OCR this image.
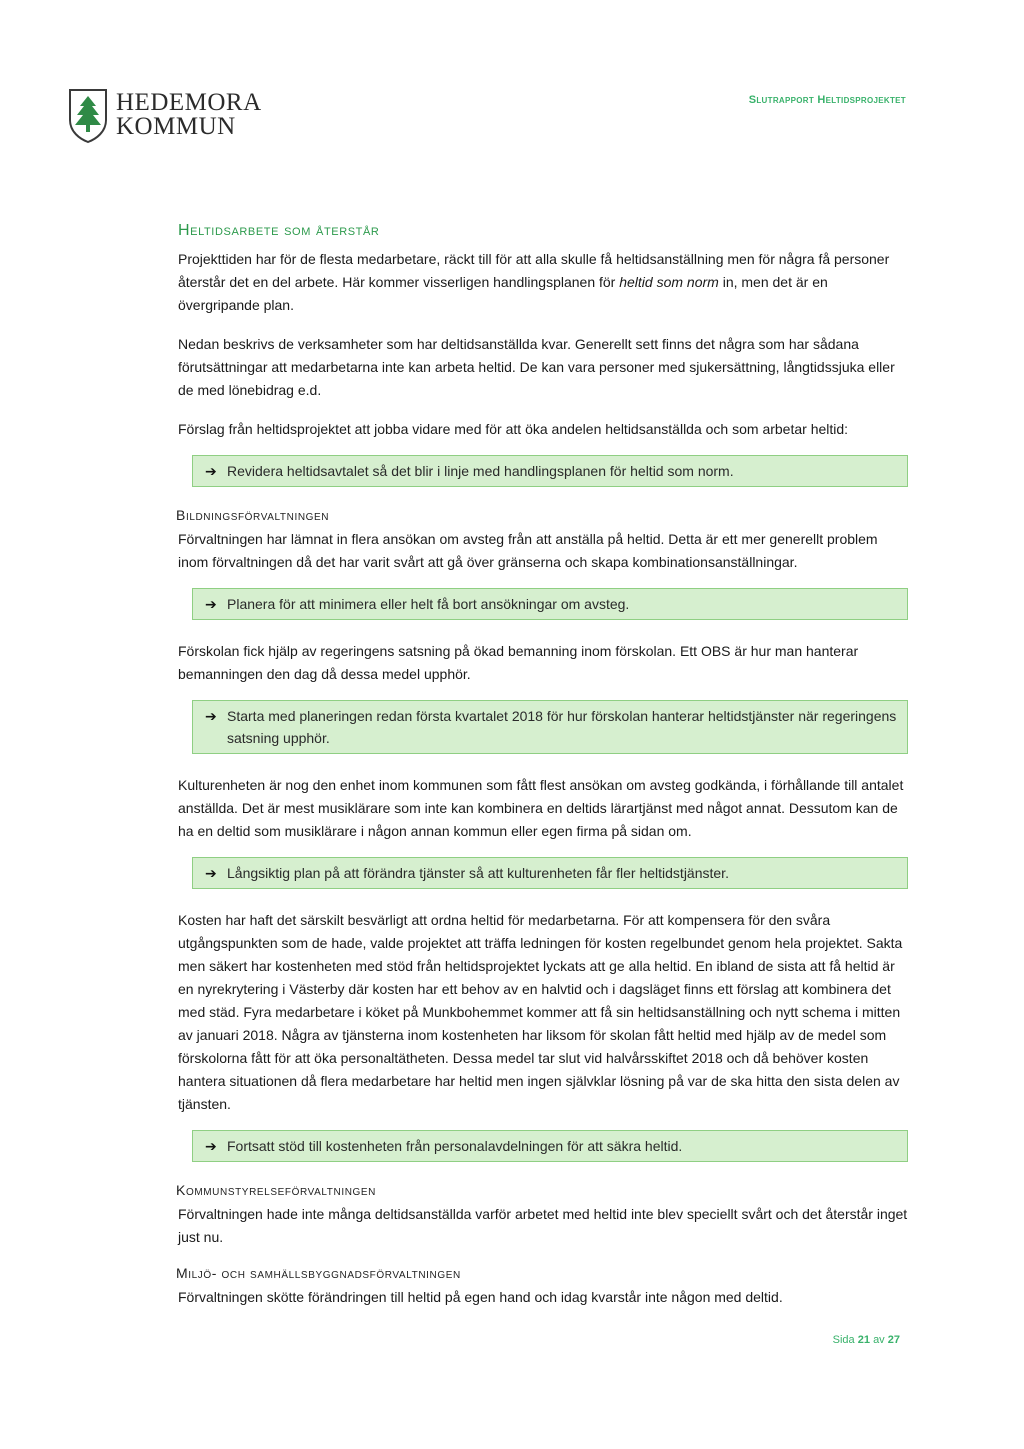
HEDEMORA
KOMMUN
Slutrapport Heltidsprojektet
Heltidsarbete som återstår

Projekttiden har för de flesta medarbetare, räckt till för att alla skulle få heltidsanställning men för några få personer återstår det en del arbete. Här kommer visserligen handlingsplanen för heltid som norm in, men det är en övergripande plan.

Nedan beskrivs de verksamheter som har deltidsanställda kvar. Generellt sett finns det några som har sådana förutsättningar att medarbetarna inte kan arbeta heltid. De kan vara personer med sjukersättning, långtidssjuka eller de med lönebidrag e.d.

Förslag från heltidsprojektet att jobba vidare med för att öka andelen heltidsanställda och som arbetar heltid:

➔ Revidera heltidsavtalet så det blir i linje med handlingsplanen för heltid som norm.
Bildningsförvaltningen

Förvaltningen har lämnat in flera ansökan om avsteg från att anställa på heltid. Detta är ett mer generellt problem inom förvaltningen då det har varit svårt att gå över gränserna och skapa kombinationsanställningar.

➔ Planera för att minimera eller helt få bort ansökningar om avsteg.

Förskolan fick hjälp av regeringens satsning på ökad bemanning inom förskolan. Ett OBS är hur man hanterar bemanningen den dag då dessa medel upphör.

➔ Starta med planeringen redan första kvartalet 2018 för hur förskolan hanterar heltidstjänster när regeringens satsning upphör.

Kulturenheten är nog den enhet inom kommunen som fått flest ansökan om avsteg godkända, i förhållande till antalet anställda. Det är mest musiklärare som inte kan kombinera en deltids lärartjänst med något annat. Dessutom kan de ha en deltid som musiklärare i någon annan kommun eller egen firma på sidan om.

➔ Långsiktig plan på att förändra tjänster så att kulturenheten får fler heltidstjänster.

Kosten har haft det särskilt besvärligt att ordna heltid för medarbetarna. För att kompensera för den svåra utgångspunkten som de hade, valde projektet att träffa ledningen för kosten regelbundet genom hela projektet. Sakta men säkert har kostenheten med stöd från heltidsprojektet lyckats att ge alla heltid. En ibland de sista att få heltid är en nyrekrytering i Västerby där kosten har ett behov av en halvtid och i dagsläget finns ett förslag att kombinera det med städ. Fyra medarbetare i köket på Munkbohemmet kommer att få sin heltidsanställning och nytt schema i mitten av januari 2018. Några av tjänsterna inom kostenheten har liksom för skolan fått heltid med hjälp av de medel som förskolorna fått för att öka personaltätheten. Dessa medel tar slut vid halvårsskiftet 2018 och då behöver kosten hantera situationen då flera medarbetare har heltid men ingen självklar lösning på var de ska hitta den sista delen av tjänsten.

➔ Fortsatt stöd till kostenheten från personalavdelningen för att säkra heltid.
Kommunstyrelseförvaltningen

Förvaltningen hade inte många deltidsanställda varför arbetet med heltid inte blev speciellt svårt och det återstår inget just nu.

Miljö- och samhällsbyggnadsförvaltningen

Förvaltningen skötte förändringen till heltid på egen hand och idag kvarstår inte någon med deltid.

Sida 21 av 27
